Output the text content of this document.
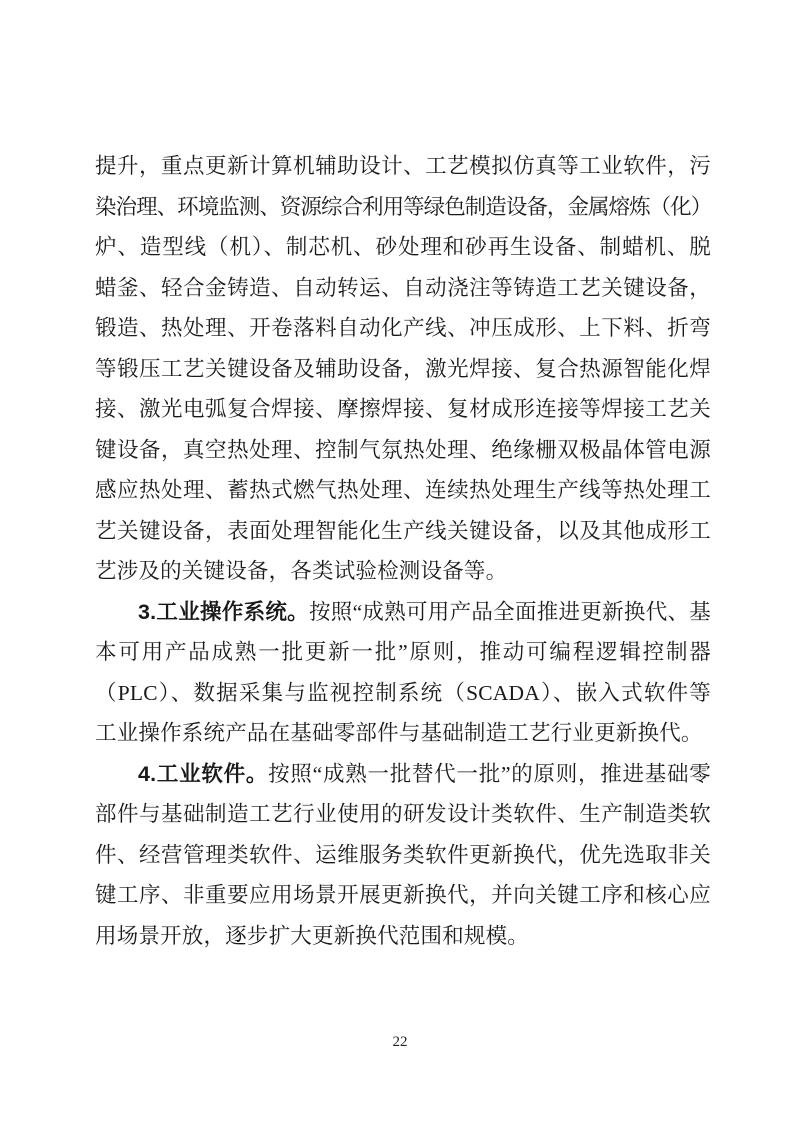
提升，重点更新计算机辅助设计、工艺模拟仿真等工业软件，污
染治理、环境监测、资源综合利用等绿色制造设备，金属熔炼（化）
炉、造型线（机）、制芯机、砂处理和砂再生设备、制蜡机、脱
蜡釜、轻合金铸造、自动转运、自动浇注等铸造工艺关键设备，
锻造、热处理、开卷落料自动化产线、冲压成形、上下料、折弯
等锻压工艺关键设备及辅助设备，激光焊接、复合热源智能化焊
接、激光电弧复合焊接、摩擦焊接、复材成形连接等焊接工艺关
键设备，真空热处理、控制气氛热处理、绝缘栅双极晶体管电源
感应热处理、蓄热式燃气热处理、连续热处理生产线等热处理工
艺关键设备，表面处理智能化生产线关键设备，以及其他成形工
艺涉及的关键设备，各类试验检测设备等。
3.工业操作系统。按照“成熟可用产品全面推进更新换代、基
本可用产品成熟一批更新一批”原则，推动可编程逻辑控制器
（PLC）、数据采集与监视控制系统（SCADA）、嵌入式软件等
工业操作系统产品在基础零部件与基础制造工艺行业更新换代。
4.工业软件。按照“成熟一批替代一批”的原则，推进基础零
部件与基础制造工艺行业使用的研发设计类软件、生产制造类软
件、经营管理类软件、运维服务类软件更新换代，优先选取非关
键工序、非重要应用场景开展更新换代，并向关键工序和核心应
用场景开放，逐步扩大更新换代范围和规模。
22
